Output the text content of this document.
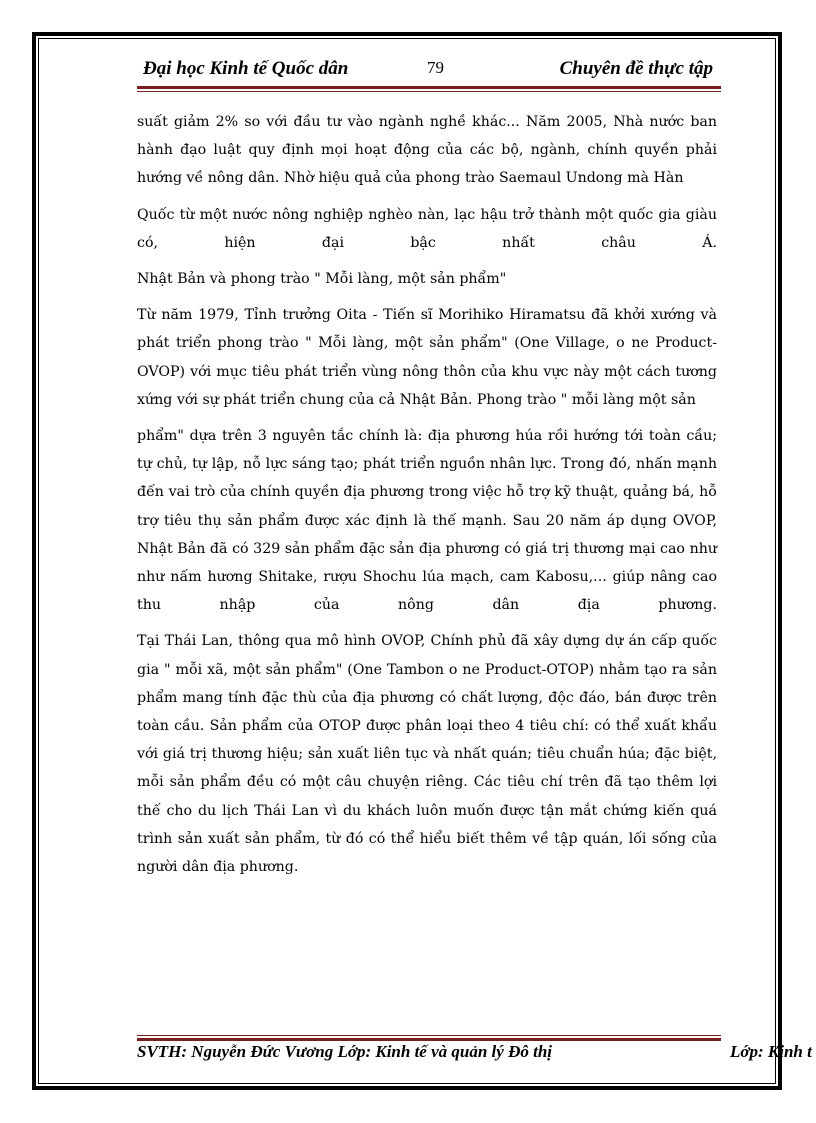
Đại học Kinh tế Quốc dân	79	Chuyên đề thực tập

suất giảm 2% so với đầu tư vào ngành nghề khác... Năm 2005, Nhà nước ban hành đạo luật quy định mọi hoạt động của các bộ, ngành, chính quyền phải hướng về nông dân. Nhờ hiệu quả của phong trào Saemaul Undong mà Hàn

Quốc từ một nước nông nghiệp nghèo nàn, lạc hậu trở thành một quốc gia giàu có, hiện đại bậc nhất châu Á.

Nhật Bản và phong trào " Mỗi làng, một sản phẩm"

Từ năm 1979, Tỉnh trưởng Oita - Tiến sĩ Morihiko Hiramatsu đã khởi xướng và phát triển phong trào " Mỗi làng, một sản phẩm" (One Village, o ne Product-OVOP) với mục tiêu phát triển vùng nông thôn của khu vực này một cách tương xứng với sự phát triển chung của cả Nhật Bản. Phong trào " mỗi làng một sản

phẩm" dựa trên 3 nguyên tắc chính là: địa phương húa rồi hướng tới toàn cầu; tự chủ, tự lập, nỗ lực sáng tạo; phát triển nguồn nhân lực. Trong đó, nhấn mạnh đến vai trò của chính quyền địa phương trong việc hỗ trợ kỹ thuật, quảng bá, hỗ trợ tiêu thụ sản phẩm được xác định là thế mạnh. Sau 20 năm áp dụng OVOP, Nhật Bản đã có 329 sản phẩm đặc sản địa phương có giá trị thương mại cao như như nấm hương Shitake, rượu Shochu lúa mạch, cam Kabosu,... giúp nâng cao thu nhập của nông dân địa phương.

Tại Thái Lan, thông qua mô hình OVOP, Chính phủ đã xây dựng dự án cấp quốc gia " mỗi xã, một sản phẩm" (One Tambon o ne Product-OTOP) nhằm tạo ra sản phẩm mang tính đặc thù của địa phương có chất lượng, độc đáo, bán được trên toàn cầu. Sản phẩm của OTOP được phân loại theo 4 tiêu chí: có thể xuất khẩu với giá trị thương hiệu; sản xuất liên tục và nhất quán; tiêu chuẩn húa; đặc biệt, mỗi sản phẩm đều có một câu chuyện riêng. Các tiêu chí trên đã tạo thêm lợi thế cho du lịch Thái Lan vì du khách luôn muốn được tận mắt chứng kiến quá trình sản xuất sản phẩm, từ đó có thể hiểu biết thêm về tập quán, lối sống của người dân địa phương.

SVTH: Nguyễn Đức Vương Lớp: Kinh tế và quản lý Đô thị	Lớp: Kinh t
